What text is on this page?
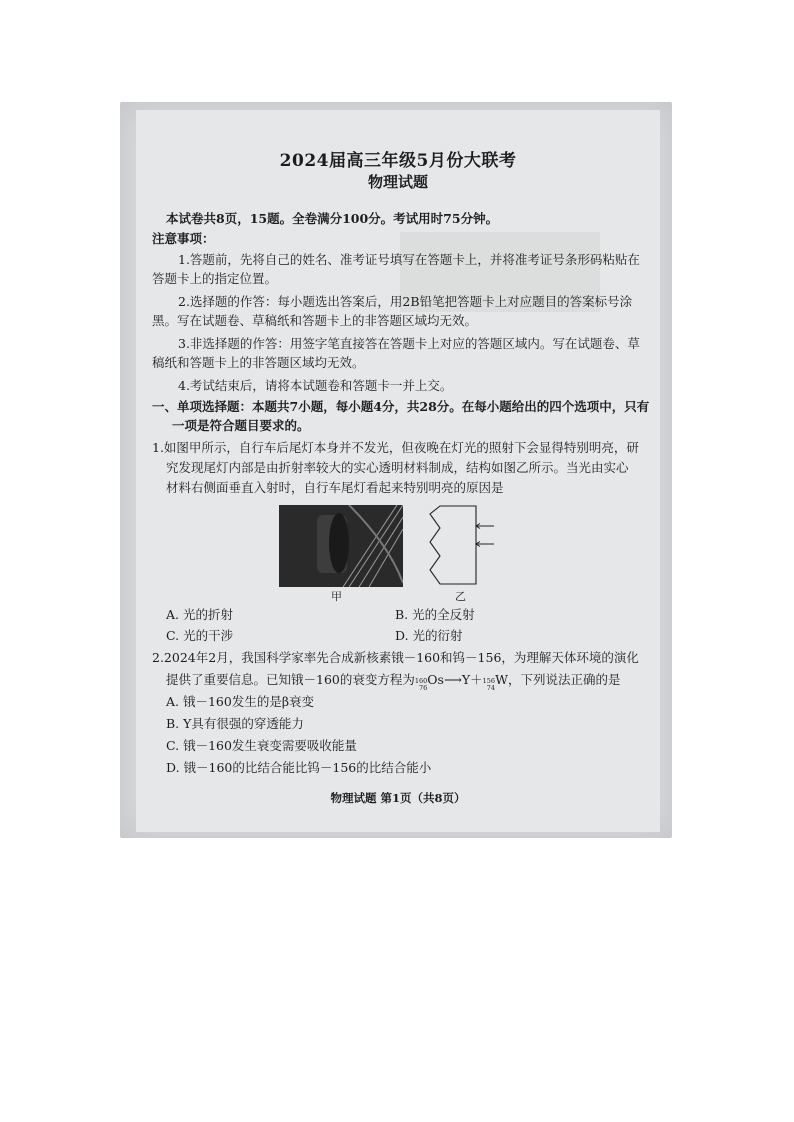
2024届高三年级5月份大联考
物理试题
本试卷共8页，15题。全卷满分100分。考试用时75分钟。
注意事项：
1.答题前，先将自己的姓名、准考证号填写在答题卡上，并将准考证号条形码粘贴在
答题卡上的指定位置。
2.选择题的作答：每小题选出答案后，用2B铅笔把答题卡上对应题目的答案标号涂
黑。写在试题卷、草稿纸和答题卡上的非答题区域均无效。
3.非选择题的作答：用签字笔直接答在答题卡上对应的答题区域内。写在试题卷、草
稿纸和答题卡上的非答题区域均无效。
4.考试结束后，请将本试题卷和答题卡一并上交。
一、单项选择题：本题共7小题，每小题4分，共28分。在每小题给出的四个选项中，只有
一项是符合题目要求的。
1.如图甲所示，自行车后尾灯本身并不发光，但夜晚在灯光的照射下会显得特别明亮，研
究发现尾灯内部是由折射率较大的实心透明材料制成，结构如图乙所示。当光由实心
材料右侧面垂直入射时，自行车尾灯看起来特别明亮的原因是
甲	乙
A. 光的折射	B. 光的全反射
C. 光的干涉	D. 光的衍射
2.2024年2月，我国科学家率先合成新核素锇－160和钨－156，为理解天体环境的演化
提供了重要信息。已知锇－160的衰变方程为 160
76
Os⟶Y＋ 156
74
W，下列说法正确的是
A. 锇－160发生的是β衰变
B. Y具有很强的穿透能力
C. 锇－160发生衰变需要吸收能量
D. 锇－160的比结合能比钨－156的比结合能小
物理试题 第1页（共8页）
